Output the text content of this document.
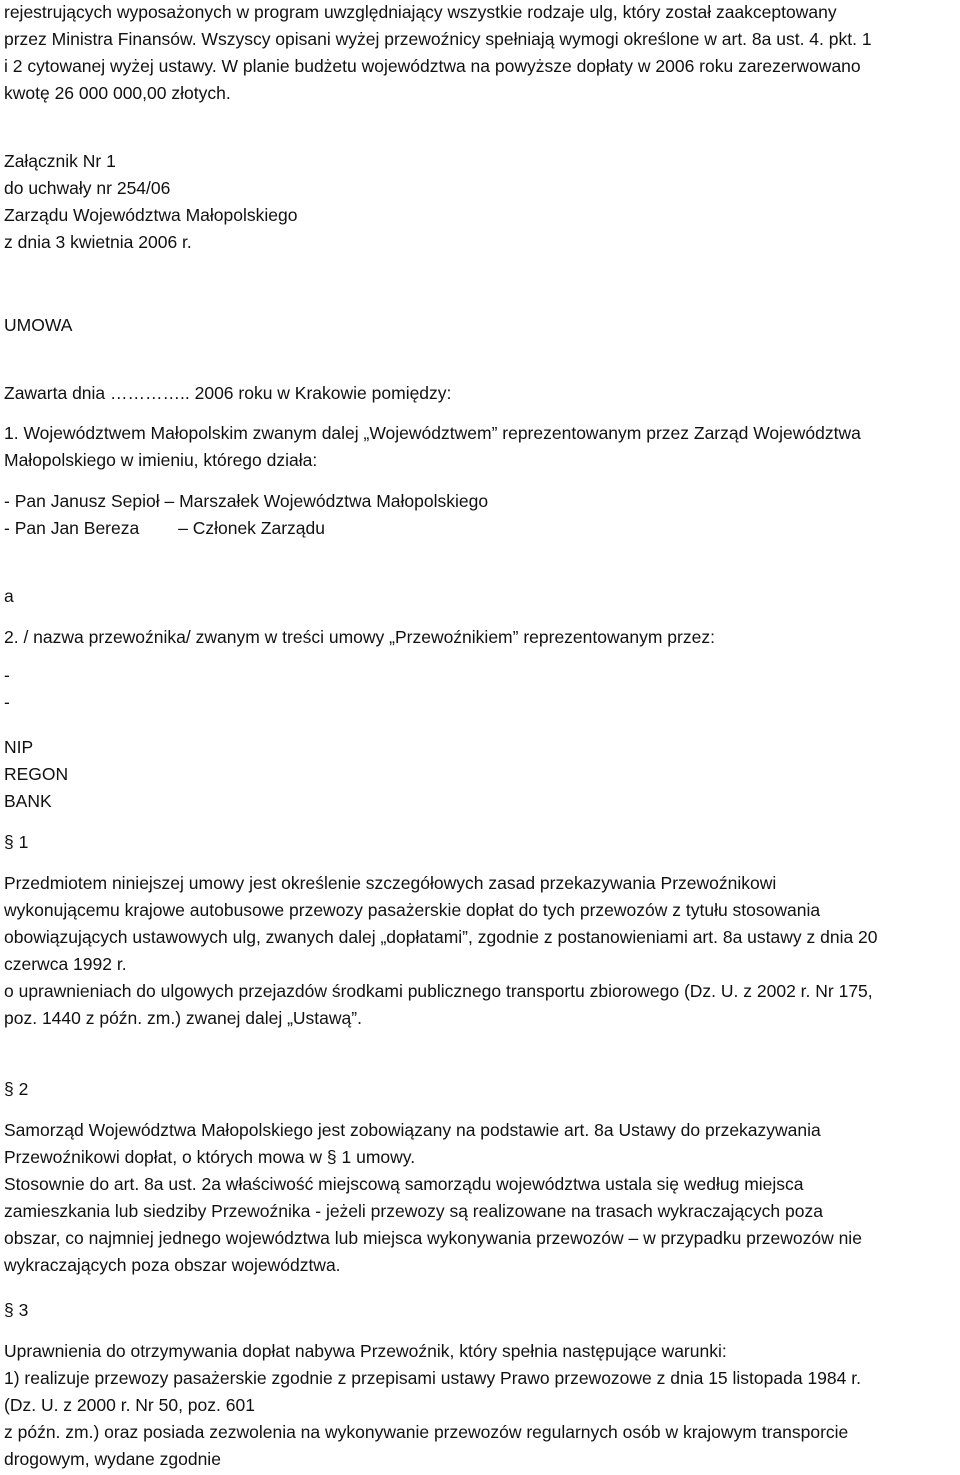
rejestrujących wyposażonych w program uwzględniający wszystkie rodzaje ulg, który został zaakceptowany
przez Ministra Finansów. Wszyscy opisani wyżej przewoźnicy spełniają wymogi określone w art. 8a ust. 4. pkt. 1
i 2 cytowanej wyżej ustawy. W planie budżetu województwa na powyższe dopłaty w 2006 roku zarezerwowano
kwotę 26 000 000,00 złotych.
Załącznik Nr 1
do uchwały nr 254/06
Zarządu Województwa Małopolskiego
z dnia 3 kwietnia 2006 r.
UMOWA
Zawarta dnia ………….. 2006 roku w Krakowie pomiędzy:
1. Województwem Małopolskim zwanym dalej „Województwem” reprezentowanym przez Zarząd Województwa
Małopolskiego w imieniu, którego działa:
- Pan Janusz Sepioł – Marszałek Województwa Małopolskiego
- Pan Jan Bereza        – Członek Zarządu
a
2. / nazwa przewoźnika/ zwanym w treści umowy „Przewoźnikiem” reprezentowanym przez:
-
-
NIP
REGON
BANK
§ 1
Przedmiotem niniejszej umowy jest określenie szczegółowych zasad przekazywania Przewoźnikowi
wykonującemu krajowe autobusowe przewozy pasażerskie dopłat do tych przewozów z tytułu stosowania
obowiązujących ustawowych ulg, zwanych dalej „dopłatami”, zgodnie z postanowieniami art. 8a ustawy z dnia 20
czerwca 1992 r.
o uprawnieniach do ulgowych przejazdów środkami publicznego transportu zbiorowego (Dz. U. z 2002 r. Nr 175,
poz. 1440 z późn. zm.) zwanej dalej „Ustawą”.
§ 2
Samorząd Województwa Małopolskiego jest zobowiązany na podstawie art. 8a Ustawy do przekazywania
Przewoźnikowi dopłat, o których mowa w § 1 umowy.
Stosownie do art. 8a ust. 2a właściwość miejscową samorządu województwa ustala się według miejsca
zamieszkania lub siedziby Przewoźnika - jeżeli przewozy są realizowane na trasach wykraczających poza
obszar, co najmniej jednego województwa lub miejsca wykonywania przewozów – w przypadku przewozów nie
wykraczających poza obszar województwa.
§ 3
Uprawnienia do otrzymywania dopłat nabywa Przewoźnik, który spełnia następujące warunki:
1) realizuje przewozy pasażerskie zgodnie z przepisami ustawy Prawo przewozowe z dnia 15 listopada 1984 r.
(Dz. U. z 2000 r. Nr 50, poz. 601
z późn. zm.) oraz posiada zezwolenia na wykonywanie przewozów regularnych osób w krajowym transporcie
drogowym, wydane zgodnie
